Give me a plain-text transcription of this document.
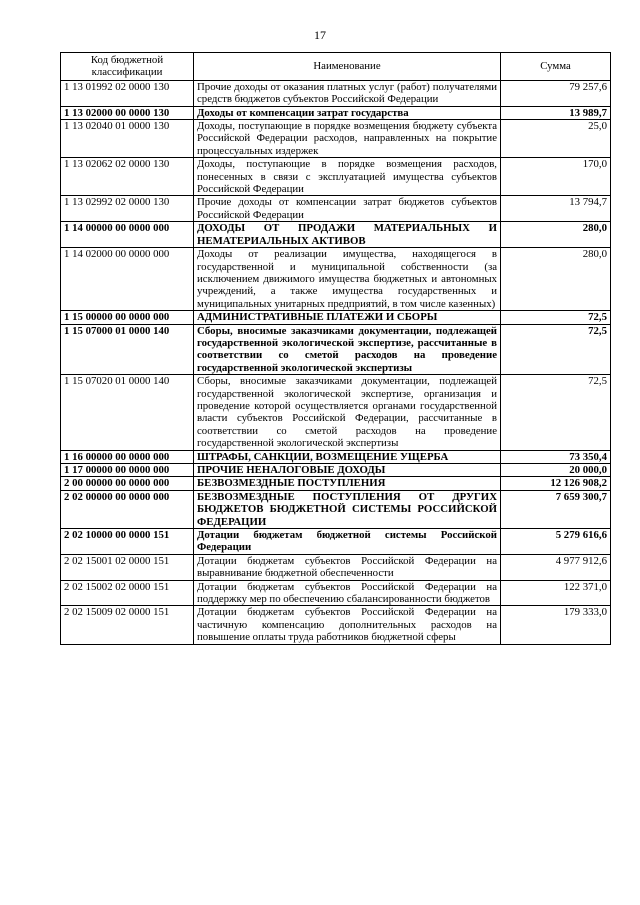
17
Код бюджетной классификации	Наименование	Сумма
1 13 01992 02 0000 130	Прочие доходы от оказания платных услуг (работ) получателями средств бюджетов субъектов Российской Федерации	79 257,6
1 13 02000 00 0000 130	Доходы от компенсации затрат государства	13 989,7
1 13 02040 01 0000 130	Доходы, поступающие в порядке возмещения бюджету субъекта Российской Федерации расходов, направленных на покрытие процессуальных издержек	25,0
1 13 02062 02 0000 130	Доходы, поступающие в порядке возмещения расходов, понесенных в связи с эксплуатацией имущества субъектов Российской Федерации	170,0
1 13 02992 02 0000 130	Прочие доходы от компенсации затрат бюджетов субъектов Российской Федерации	13 794,7
1 14 00000 00 0000 000	ДОХОДЫ ОТ ПРОДАЖИ МАТЕРИАЛЬНЫХ И НЕМАТЕРИАЛЬНЫХ АКТИВОВ	280,0
1 14 02000 00 0000 000	Доходы от реализации имущества, находящегося в государственной и муниципальной собственности (за исключением движимого имущества бюджетных и автономных учреждений, а также имущества государственных и муниципальных унитарных предприятий, в том числе казенных)	280,0
1 15 00000 00 0000 000	АДМИНИСТРАТИВНЫЕ ПЛАТЕЖИ И СБОРЫ	72,5
1 15 07000 01 0000 140	Сборы, вносимые заказчиками документации, подлежащей государственной экологической экспертизе, рассчитанные в соответствии со сметой расходов на проведение государственной экологической экспертизы	72,5
1 15 07020 01 0000 140	Сборы, вносимые заказчиками документации, подлежащей государственной экологической экспертизе, организация и проведение которой осуществляется органами государственной власти субъектов Российской Федерации, рассчитанные в соответствии со сметой расходов на проведение государственной экологической экспертизы	72,5
1 16 00000 00 0000 000	ШТРАФЫ, САНКЦИИ, ВОЗМЕЩЕНИЕ УЩЕРБА	73 350,4
1 17 00000 00 0000 000	ПРОЧИЕ НЕНАЛОГОВЫЕ ДОХОДЫ	20 000,0
2 00 00000 00 0000 000	БЕЗВОЗМЕЗДНЫЕ ПОСТУПЛЕНИЯ	12 126 908,2
2 02 00000 00 0000 000	БЕЗВОЗМЕЗДНЫЕ ПОСТУПЛЕНИЯ ОТ ДРУГИХ БЮДЖЕТОВ БЮДЖЕТНОЙ СИСТЕМЫ РОССИЙСКОЙ ФЕДЕРАЦИИ	7 659 300,7
2 02 10000 00 0000 151	Дотации бюджетам бюджетной системы Российской Федерации	5 279 616,6
2 02 15001 02 0000 151	Дотации бюджетам субъектов Российской Федерации на выравнивание бюджетной обеспеченности	4 977 912,6
2 02 15002 02 0000 151	Дотации бюджетам субъектов Российской Федерации на поддержку мер по обеспечению сбалансированности бюджетов	122 371,0
2 02 15009 02 0000 151	Дотации бюджетам субъектов Российской Федерации на частичную компенсацию дополнительных расходов на повышение оплаты труда работников бюджетной сферы	179 333,0
